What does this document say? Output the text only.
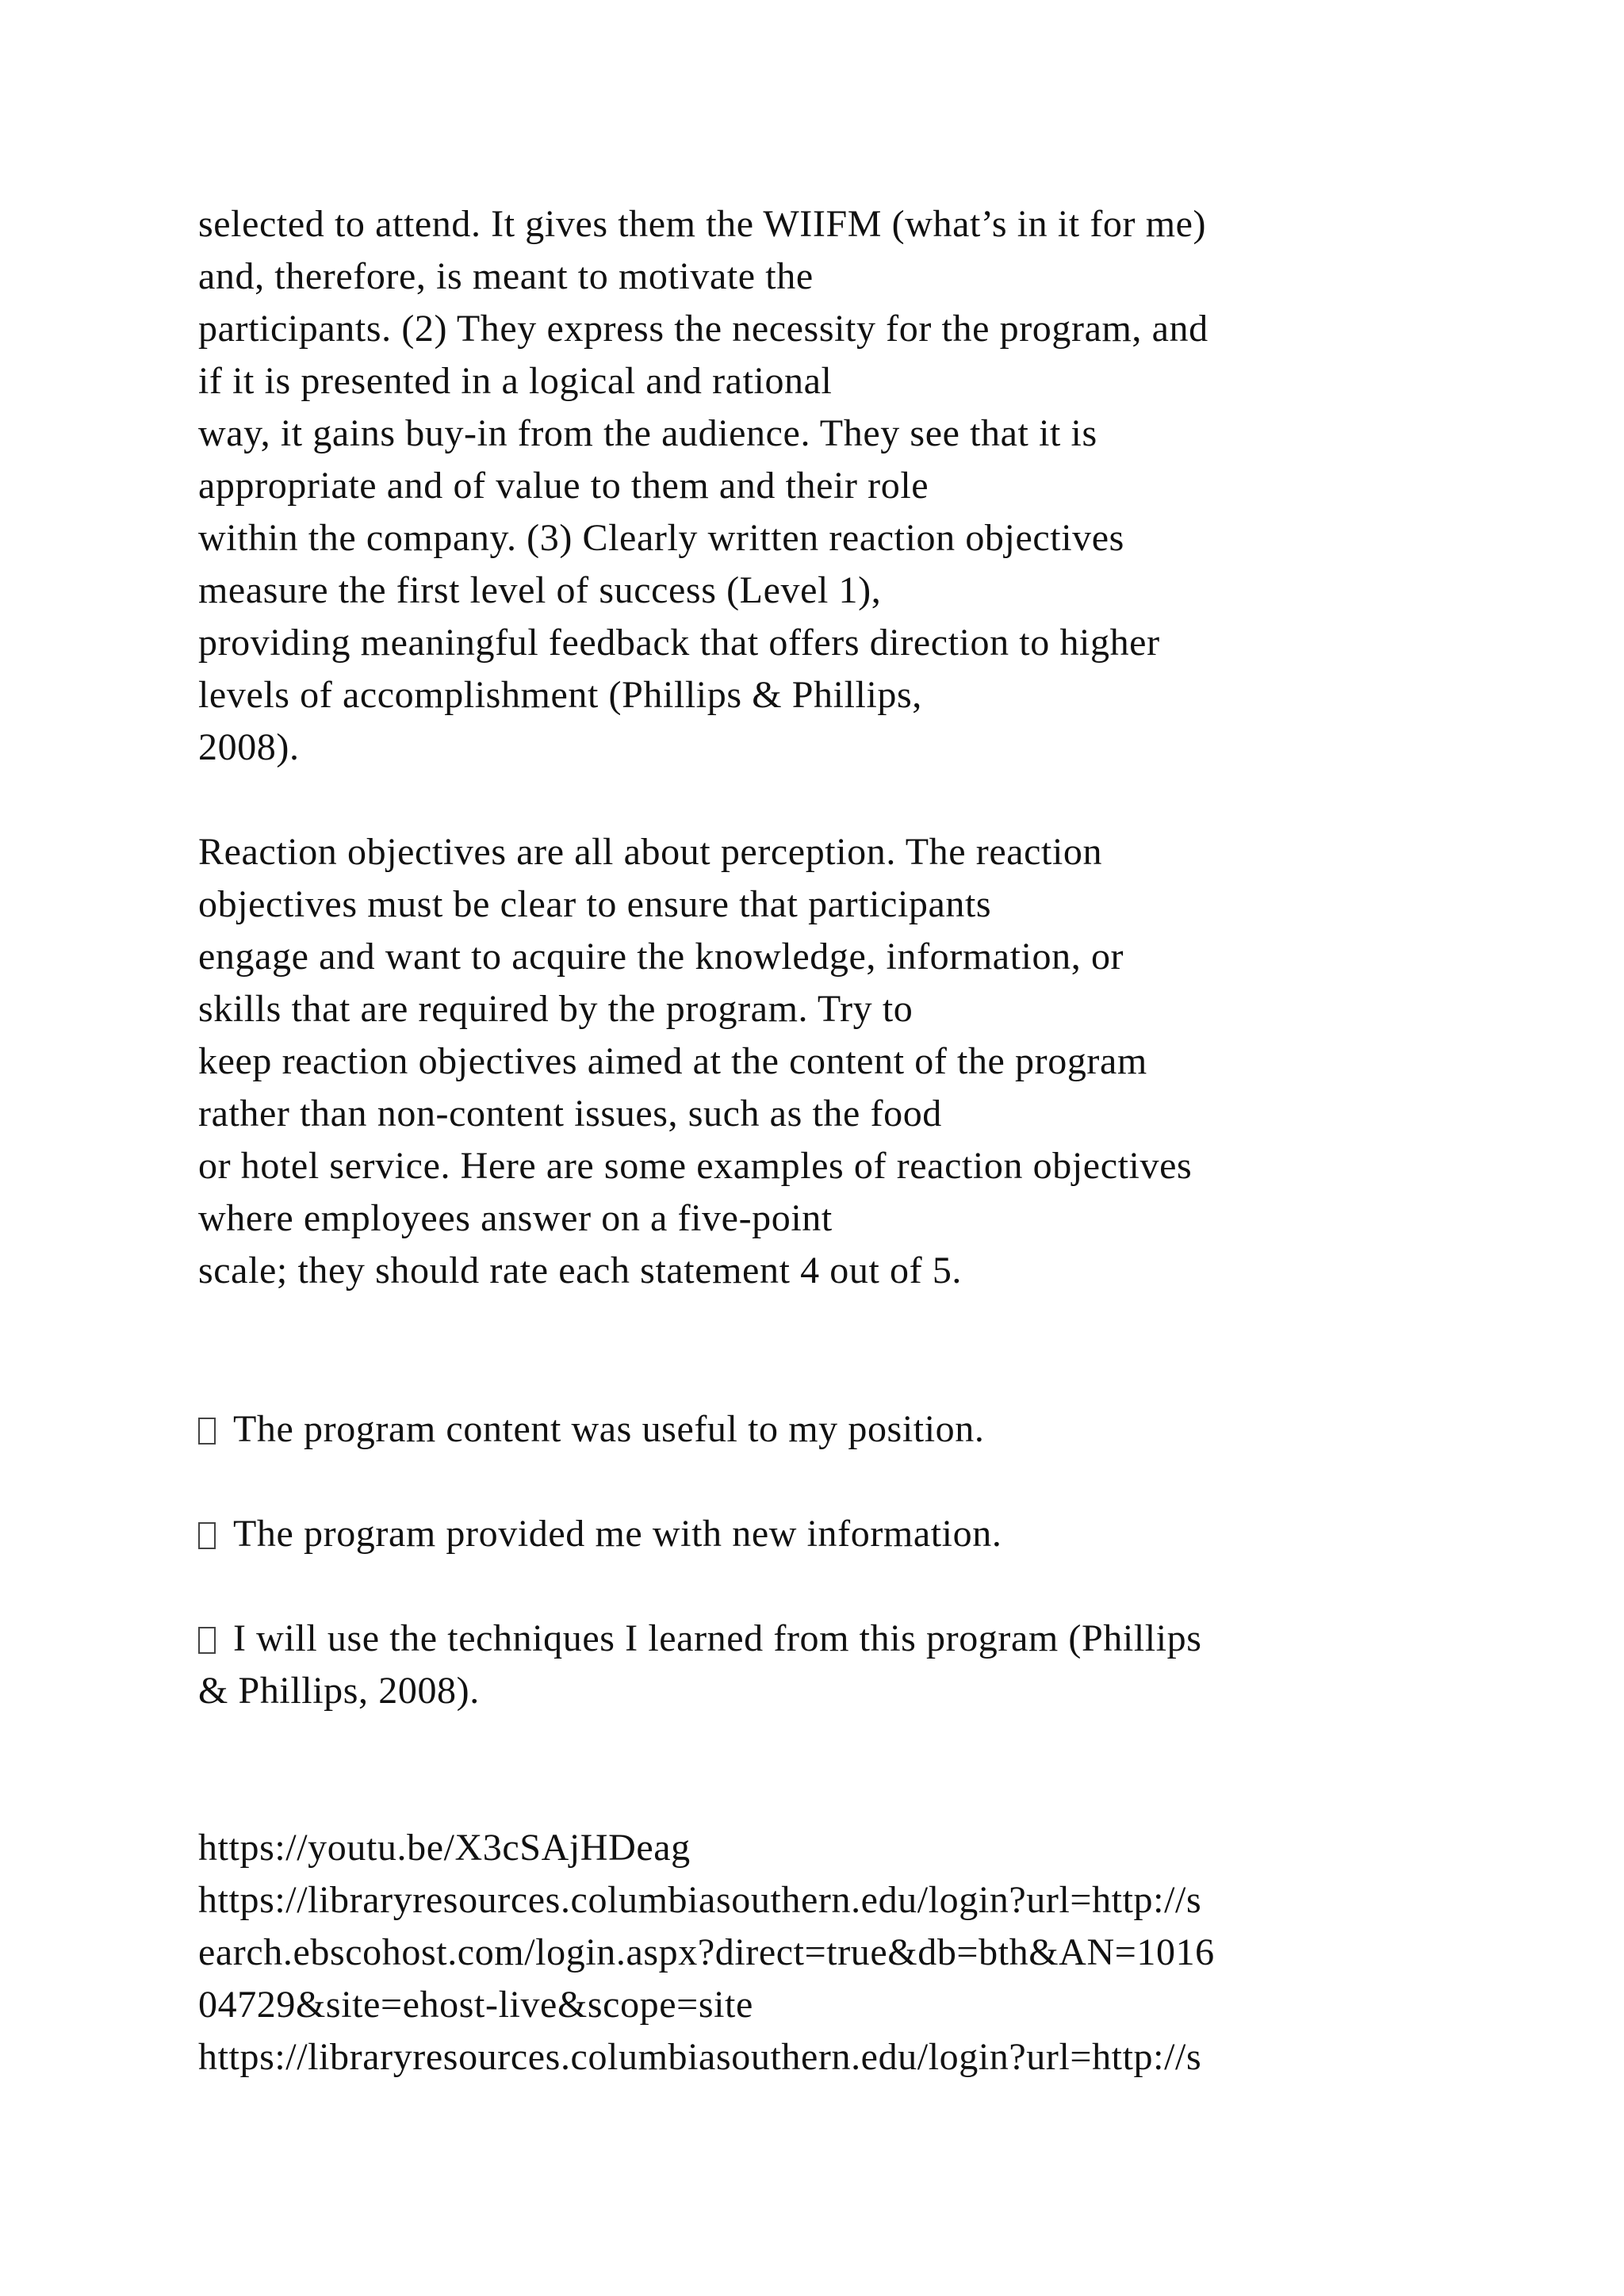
selected to attend. It gives them the WIIFM (what’s in it for me)
and, therefore, is meant to motivate the
participants. (2) They express the necessity for the program, and
if it is presented in a logical and rational
way, it gains buy-in from the audience. They see that it is
appropriate and of value to them and their role
within the company. (3) Clearly written reaction objectives
measure the first level of success (Level 1),
providing meaningful feedback that offers direction to higher
levels of accomplishment (Phillips & Phillips,
2008).
Reaction objectives are all about perception. The reaction
objectives must be clear to ensure that participants
engage and want to acquire the knowledge, information, or
skills that are required by the program. Try to
keep reaction objectives aimed at the content of the program
rather than non-content issues, such as the food
or hotel service. Here are some examples of reaction objectives
where employees answer on a five-point
scale; they should rate each statement 4 out of 5.
The program content was useful to my position.
The program provided me with new information.
I will use the techniques I learned from this program (Phillips
& Phillips, 2008).
https://youtu.be/X3cSAjHDeag
https://libraryresources.columbiasouthern.edu/login?url=http://s
earch.ebscohost.com/login.aspx?direct=true&db=bth&AN=1016
04729&site=ehost-live&scope=site
https://libraryresources.columbiasouthern.edu/login?url=http://s
